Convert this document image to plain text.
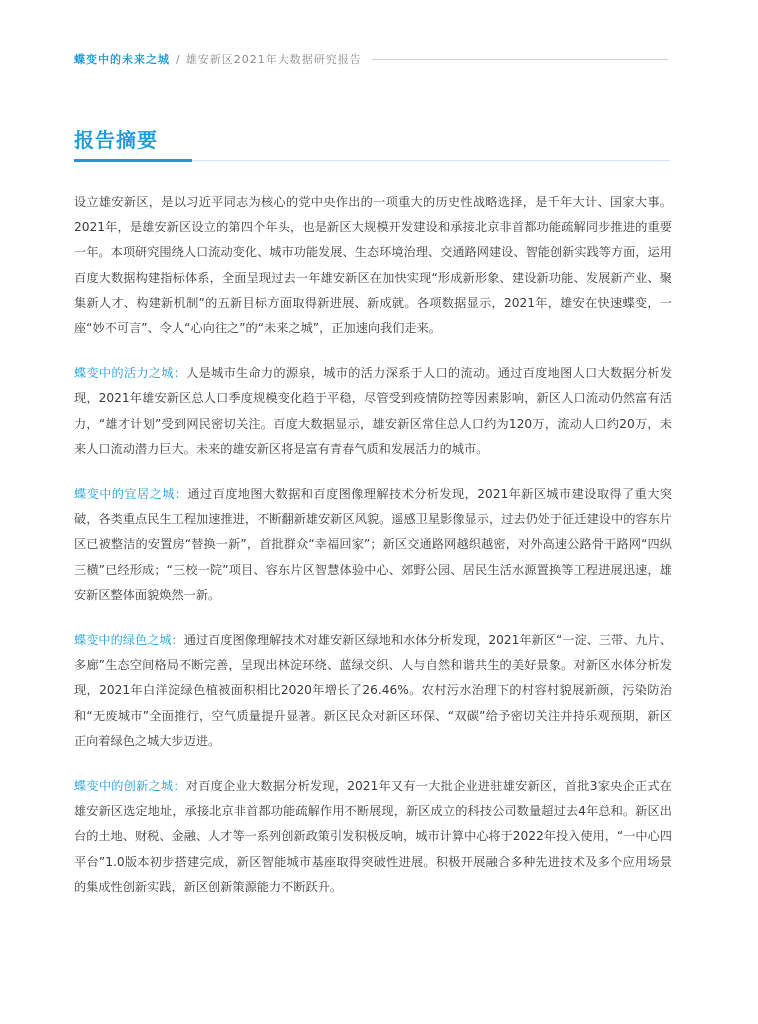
蝶变中的未来之城 / 雄安新区2021年大数据研究报告
报告摘要

设立雄安新区，是以习近平同志为核心的党中央作出的一项重大的历史性战略选择，是千年大计、国家大事。2021年，是雄安新区设立的第四个年头，也是新区大规模开发建设和承接北京非首都功能疏解同步推进的重要一年。本项研究围绕人口流动变化、城市功能发展、生态环境治理、交通路网建设、智能创新实践等方面，运用百度大数据构建指标体系，全面呈现过去一年雄安新区在加快实现“形成新形象、建设新功能、发展新产业、聚集新人才、构建新机制”的五新目标方面取得新进展、新成就。各项数据显示，2021年，雄安在快速蝶变，一座“妙不可言”、令人“心向往之”的“未来之城”，正加速向我们走来。

蝶变中的活力之城：人是城市生命力的源泉，城市的活力深系于人口的流动。通过百度地图人口大数据分析发现，2021年雄安新区总人口季度规模变化趋于平稳，尽管受到疫情防控等因素影响，新区人口流动仍然富有活力，“雄才计划”受到网民密切关注。百度大数据显示，雄安新区常住总人口约为120万，流动人口约20万，未来人口流动潜力巨大。未来的雄安新区将是富有青春气质和发展活力的城市。

蝶变中的宜居之城：通过百度地图大数据和百度图像理解技术分析发现，2021年新区城市建设取得了重大突破，各类重点民生工程加速推进，不断翻新雄安新区风貌。遥感卫星影像显示，过去仍处于征迁建设中的容东片区已被整洁的安置房“替换一新”，首批群众“幸福回家”；新区交通路网越织越密，对外高速公路骨干路网“四纵三横”已经形成；“三校一院”项目、容东片区智慧体验中心、郊野公园、居民生活水源置换等工程进展迅速，雄安新区整体面貌焕然一新。

蝶变中的绿色之城：通过百度图像理解技术对雄安新区绿地和水体分析发现，2021年新区“一淀、三带、九片、多廊”生态空间格局不断完善，呈现出林淀环绕、蓝绿交织、人与自然和谐共生的美好景象。对新区水体分析发现，2021年白洋淀绿色植被面积相比2020年增长了26.46%。农村污水治理下的村容村貌展新颜，污染防治和“无废城市”全面推行，空气质量提升显著。新区民众对新区环保、“双碳”给予密切关注并持乐观预期，新区正向着绿色之城大步迈进。

蝶变中的创新之城：对百度企业大数据分析发现，2021年又有一大批企业进驻雄安新区，首批3家央企正式在雄安新区选定地址，承接北京非首都功能疏解作用不断展现，新区成立的科技公司数量超过去4年总和。新区出台的土地、财税、金融、人才等一系列创新政策引发积极反响，城市计算中心将于2022年投入使用，“一中心四平台”1.0版本初步搭建完成，新区智能城市基座取得突破性进展。积极开展融合多种先进技术及多个应用场景的集成性创新实践，新区创新策源能力不断跃升。
